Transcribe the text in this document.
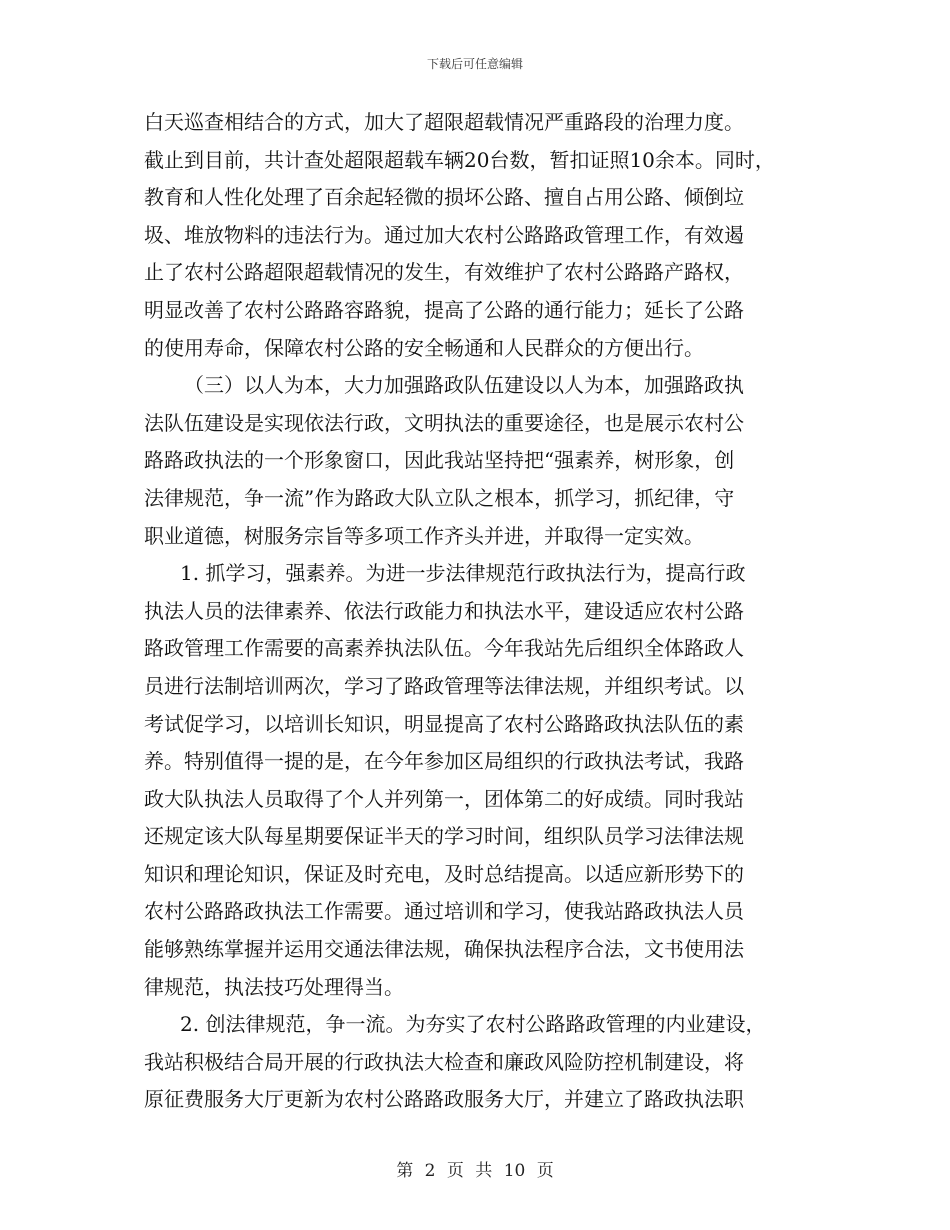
下载后可任意编辑
白天巡查相结合的方式，加大了超限超载情况严重路段的治理力度。
截止到目前，共计查处超限超载车辆20台数，暂扣证照10余本。同时，
教育和人性化处理了百余起轻微的损坏公路、擅自占用公路、倾倒垃
圾、堆放物料的违法行为。通过加大农村公路路政管理工作，有效遏
止了农村公路超限超载情况的发生，有效维护了农村公路路产路权，
明显改善了农村公路路容路貌，提高了公路的通行能力；延长了公路
的使用寿命，保障农村公路的安全畅通和人民群众的方便出行。
（三）以人为本，大力加强路政队伍建设以人为本，加强路政执
法队伍建设是实现依法行政，文明执法的重要途径，也是展示农村公
路路政执法的一个形象窗口，因此我站坚持把“强素养，树形象，创
法律规范，争一流”作为路政大队立队之根本，抓学习，抓纪律，守
职业道德，树服务宗旨等多项工作齐头并进，并取得一定实效。
1. 抓学习，强素养。为进一步法律规范行政执法行为，提高行政
执法人员的法律素养、依法行政能力和执法水平，建设适应农村公路
路政管理工作需要的高素养执法队伍。今年我站先后组织全体路政人
员进行法制培训两次，学习了路政管理等法律法规，并组织考试。以
考试促学习，以培训长知识，明显提高了农村公路路政执法队伍的素
养。特别值得一提的是，在今年参加区局组织的行政执法考试，我路
政大队执法人员取得了个人并列第一，团体第二的好成绩。同时我站
还规定该大队每星期要保证半天的学习时间，组织队员学习法律法规
知识和理论知识，保证及时充电，及时总结提高。以适应新形势下的
农村公路路政执法工作需要。通过培训和学习，使我站路政执法人员
能够熟练掌握并运用交通法律法规，确保执法程序合法，文书使用法
律规范，执法技巧处理得当。
2. 创法律规范，争一流。为夯实了农村公路路政管理的内业建设，
我站积极结合局开展的行政执法大检查和廉政风险防控机制建设，将
原征费服务大厅更新为农村公路路政服务大厅，并建立了路政执法职
第 2 页 共 10 页
